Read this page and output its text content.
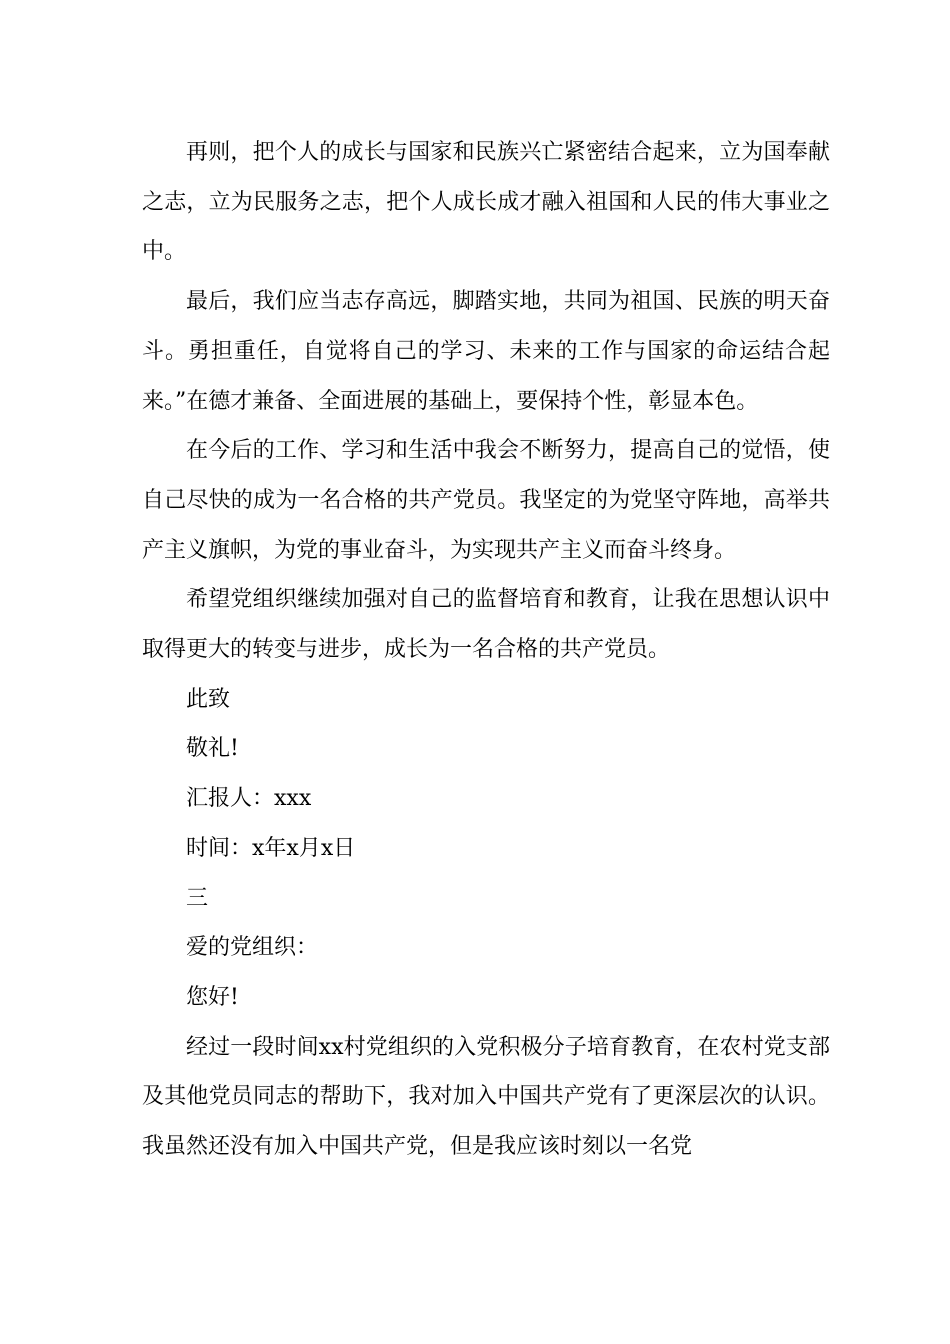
再则，把个人的成长与国家和民族兴亡紧密结合起来，立为国奉献之志，立为民服务之志，把个人成长成才融入祖国和人民的伟大事业之中。

最后，我们应当志存高远，脚踏实地，共同为祖国、民族的明天奋斗。勇担重任，自觉将自己的学习、未来的工作与国家的命运结合起来。”在德才兼备、全面进展的基础上，要保持个性，彰显本色。

在今后的工作、学习和生活中我会不断努力，提高自己的觉悟，使自己尽快的成为一名合格的共产党员。我坚定的为党坚守阵地，高举共产主义旗帜，为党的事业奋斗，为实现共产主义而奋斗终身。

希望党组织继续加强对自己的监督培育和教育，让我在思想认识中取得更大的转变与进步，成长为一名合格的共产党员。

此致

敬礼!

汇报人：xxx

时间：x年x月x日

三

爱的党组织：

您好!

经过一段时间xx村党组织的入党积极分子培育教育，在农村党支部及其他党员同志的帮助下，我对加入中国共产党有了更深层次的认识。我虽然还没有加入中国共产党，但是我应该时刻以一名党
